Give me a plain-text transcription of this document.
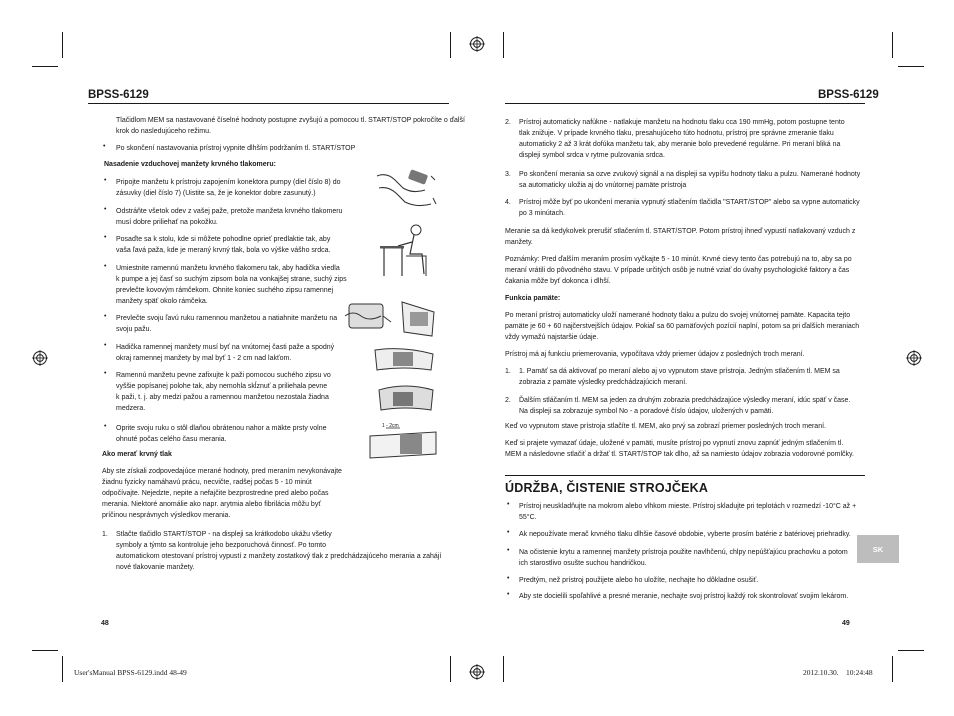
BPSS-6129	BPSS-6129
Tlačidlom MEM sa nastavované číselné hodnoty postupne zvyšujú a pomocou tl. START/STOP pokročíte o ďalší
krok do nasledujúceho režimu.
• Po skončení nastavovania prístroj vypnite dlhším podržaním tl. START/STOP
Nasadenie vzduchovej manžety krvného tlakomeru:
• Pripojte manžetu k prístroju zapojením konektora pumpy (diel číslo 8) do
zásuvky (diel číslo 7) (Uistite sa, že je konektor dobre zasunutý.)
• Odstráňte všetok odev z vašej paže, pretože manžeta krvného tlakomeru
musí dobre priliehať na pokožku.
• Posaďte sa k stolu, kde si môžete pohodlne oprieť predlaktie tak, aby
vaša ľavá paža, kde je meraný krvný tlak, bola vo výške vášho srdca.
• Umiestnite ramennú manžetu krvného tlakomeru tak, aby hadička viedla
k pumpe a jej časť so suchým zipsom bola na vonkajšej strane, suchý zips
prevlečte kovovým rámčekom. Ohnite koniec suchého zipsu ramennej
manžety späť okolo rámčeka.
• Prevlečte svoju ľavú ruku ramennou manžetou a natiahnite manžetu na
svoju pažu.
• Hadička ramennej manžety musí byť na vnútornej časti paže a spodný
okraj ramennej manžety by mal byť 1 - 2 cm nad lakťom.
• Ramennú manžetu pevne zafixujte k paži pomocou suchého zipsu vo
vyššie popísanej polohe tak, aby nemohla skĺznuť a priliehala pevne
k paži, t. j. aby medzi pažou a ramennou manžetou nezostala žiadna
medzera.
• Oprite svoju ruku o stôl dlaňou obrátenou nahor a mäkte prsty volne
ohnuté počas celého času merania.
Ako merať krvný tlak
Aby ste získali zodpovedajúce merané hodnoty, pred meraním nevykonávajte
žiadnu fyzicky namáhavú prácu, necvičte, radšej počas 5 - 10 minút
odpočívajte. Nejedzte, nepite a nefajčite bezprostredne pred alebo počas
merania. Niektoré anomálie ako napr. arytmia alebo fibrilácia môžu byť
príčinou nesprávnych výsledkov merania.
1. Stlačte tlačidlo START/STOP - na displeji sa krátkodobo ukážu všetky
symboly a týmto sa kontroluje jeho bezporuchová činnosť. Po tomto
automatickom otestovaní prístroj vypustí z manžety zostatkový tlak z predchádzajúceho merania a zahájí
nové tlakovanie manžety.
48
1 - 2cm
2. Prístroj automaticky nafúkne - natlakuje manžetu na hodnotu tlaku cca 190 mmHg, potom postupne tento
tlak znižuje. V prípade krvného tlaku, presahujúceho túto hodnotu, prístroj pre správne zmeranie tlaku
automaticky 2 až 3 krát dofúka manžetu tak, aby meranie bolo prevedené regulárne. Pri meraní bliká na
displeji symbol srdca v rytme pulzovania srdca.
3. Po skončení merania sa ozve zvukový signál a na displeji sa vypíšu hodnoty tlaku a pulzu. Namerané hodnoty
sa automaticky uložia aj do vnútornej pamäte prístroja
4. Prístroj môže byť po ukončení merania vypnutý stlačením tlačidla "START/STOP" alebo sa vypne automaticky
po 3 minútach.
Meranie sa dá kedykolvek prerušiť stlačením tl. START/STOP. Potom prístroj ihneď vypustí natlakovaný vzduch z
manžety.
Poznámky: Pred ďalším meraním prosím vyčkajte 5 - 10 minút. Krvné cievy tento čas potrebujú na to, aby sa po
meraní vrátili do pôvodného stavu. V prípade určitých osôb je nutné vziať do úvahy psychologické faktory a čas
čakania môže byť dokonca i dlhší.
Funkcia pamäte:
Po meraní prístroj automaticky uloží namerané hodnoty tlaku a pulzu do svojej vnútornej pamäte. Kapacita tejto
pamäte je 60 + 60 najčerstvejších údajov. Pokiaľ sa 60 pamäťových pozícií naplní, potom sa pri ďalších meraniach
vždy vymažú najstaršie údaje.
Prístroj má aj funkciu priemerovania, vypočítava vždy priemer údajov z posledných troch meraní.
1. 1. Pamäť sa dá aktivovať po meraní alebo aj vo vypnutom stave prístroja. Jedným stlačením tl. MEM sa
zobrazia z pamäte výsledky predchádzajúcich meraní.
2. Ďalším stláčaním tl. MEM sa jeden za druhým zobrazia predchádzajúce výsledky meraní, idúc späť v čase.
Na displeji sa zobrazuje symbol No - a poradové číslo údajov, uložených v pamäti.
Keď vo vypnutom stave prístroja stlačíte tl. MEM, ako prvý sa zobrazí priemer posledných troch meraní.
Keď si prajete vymazať údaje, uložené v pamäti, musíte prístroj po vypnutí znovu zapnúť jedným stlačením tl.
MEM a následovne stlačiť a držať tl. START/STOP tak dlho, až sa namiesto údajov zobrazia vodorovné pomlčky.
ÚDRŽBA, ČISTENIE STROJČEKA
• Prístroj neuskladňujte na mokrom alebo vlhkom mieste. Prístroj skladujte pri teplotách v rozmedzí -10°C až +
55°C.
• Ak nepoužívate merač krvného tlaku dlhšie časové obdobie, vyberte prosím batérie z batériovej priehradky.
• Na očistenie krytu a ramennej manžety prístroja použite navlhčenú, chlpy nepúšťajúcu prachovku a potom
ich starostlivo osušte suchou handričkou.
• Predtým, než prístroj použijete alebo ho uložíte, nechajte ho dôkladne osušiť.
• Aby ste docielili spoľahlivé a presné meranie, nechajte svoj prístroj každý rok skontrolovať svojim lekárom.
SK
49
User'sManual BPSS-6129.indd 48-49	2012.10.30. 10:24:48
